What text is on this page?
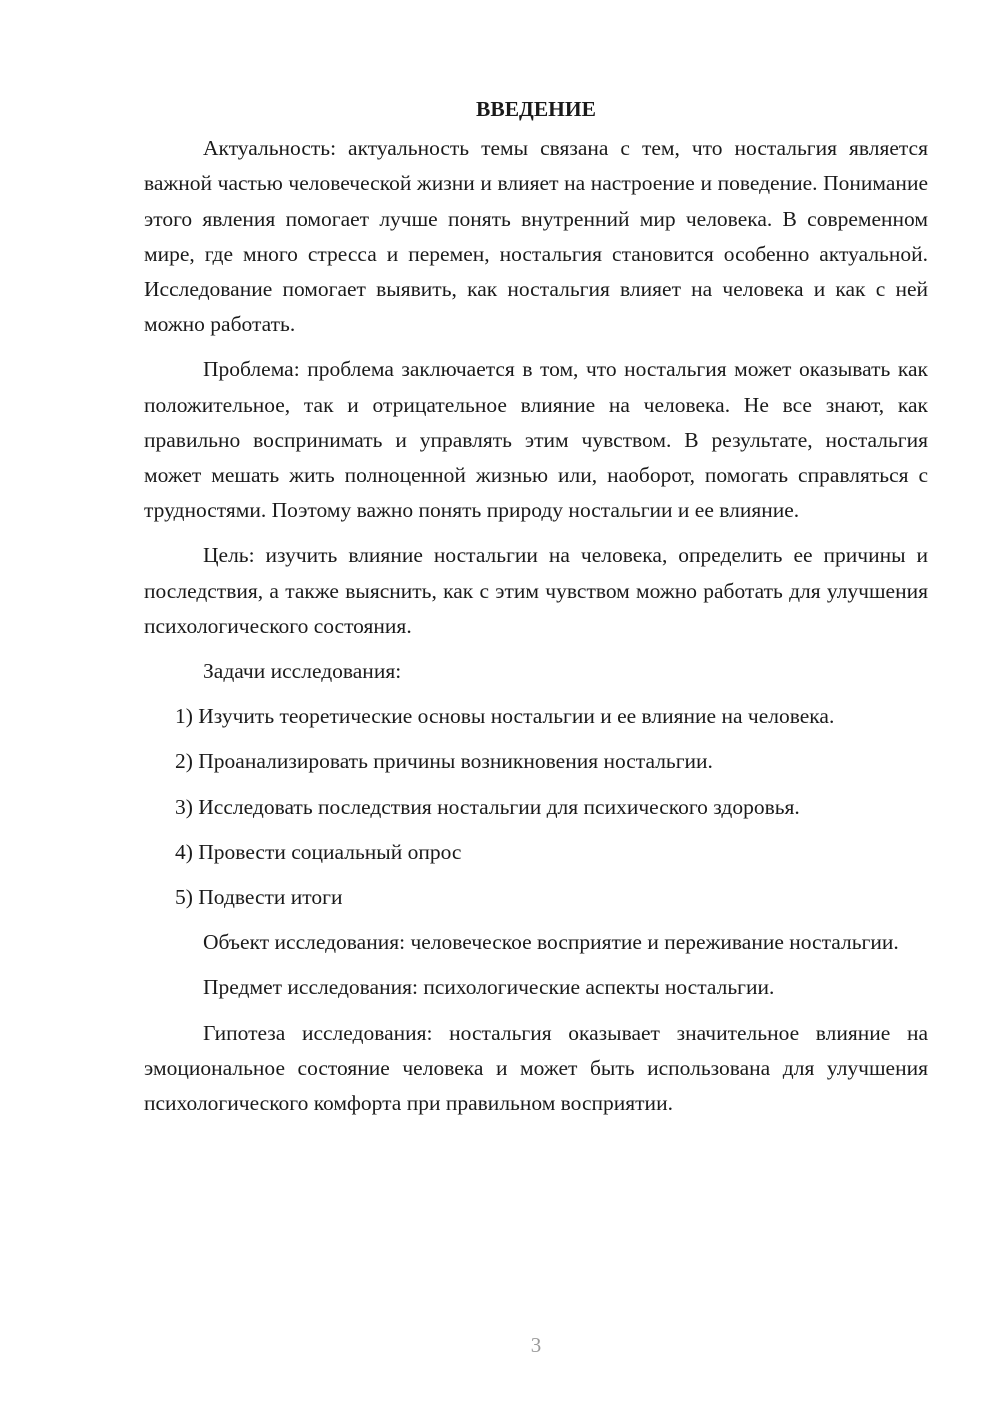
ВВЕДЕНИЕ

Актуальность: актуальность темы связана с тем, что ностальгия является важной частью человеческой жизни и влияет на настроение и поведение. Понимание этого явления помогает лучше понять внутренний мир человека. В современном мире, где много стресса и перемен, ностальгия становится особенно актуальной. Исследование помогает выявить, как ностальгия влияет на человека и как с ней можно работать.

Проблема: проблема заключается в том, что ностальгия может оказывать как положительное, так и отрицательное влияние на человека. Не все знают, как правильно воспринимать и управлять этим чувством. В результате, ностальгия может мешать жить полноценной жизнью или, наоборот, помогать справляться с трудностями. Поэтому важно понять природу ностальгии и ее влияние.

Цель: изучить влияние ностальгии на человека, определить ее причины и последствия, а также выяснить, как с этим чувством можно работать для улучшения психологического состояния.

Задачи исследования:

1) Изучить теоретические основы ностальгии и ее влияние на человека.

2) Проанализировать причины возникновения ностальгии.

3) Исследовать последствия ностальгии для психического здоровья.

4) Провести социальный опрос

5) Подвести итоги

Объект исследования: человеческое восприятие и переживание ностальгии.

Предмет исследования: психологические аспекты ностальгии.

Гипотеза исследования: ностальгия оказывает значительное влияние на эмоциональное состояние человека и может быть использована для улучшения психологического комфорта при правильном восприятии.

3
